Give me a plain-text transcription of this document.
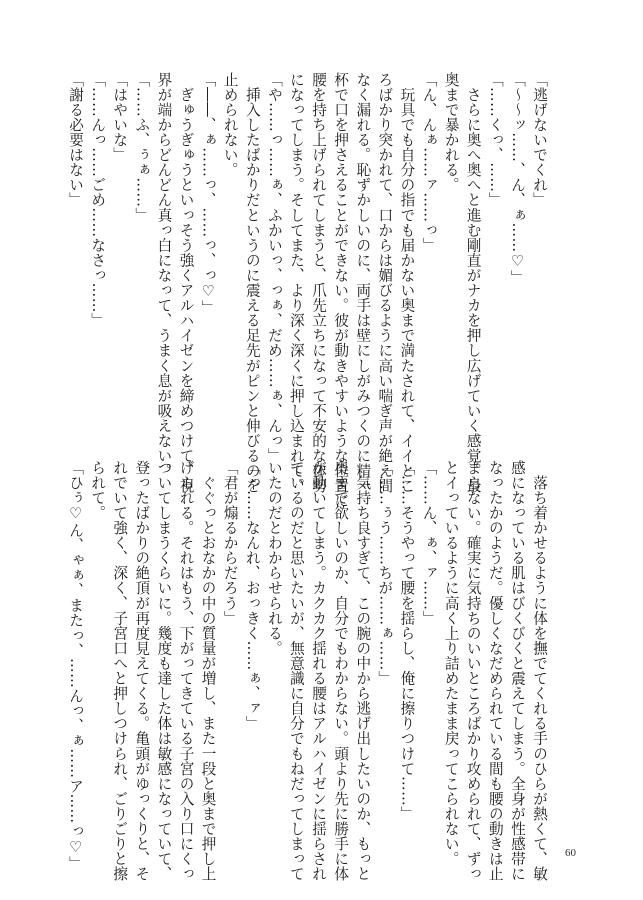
「逃げないでくれ」
「～～ッ……、ん、ぁ……♡」
「……くっ、……」
　さらに奥へ奥へと進む剛直がナカを押し広げていく感覚。最
奥まで暴かれる。
「ん、んぁ……ァ……っ」
　玩具でも自分の指でも届かない奥まで満たされて、イイとこ
ろばかり突かれて、口からは媚びるように高い喘ぎ声が絶え間
なく漏れる。恥ずかしいのに、両手は壁にしがみつくのに精一
杯で口を押さえることができない。彼が動きやすいような位置に
腰を持ち上げられてしまうと、爪先立ちになって不安的な体勢
になってしまう。そしてまた、より深く深くに押し込まれて。
「や……っ……ぁ、ふかいっ、っぁ、だめ……ぁ、んっ」
　挿入したばかりだというのに震える足先がピンと伸びるのを
止められない。
「――、ぁ……っ、……っ、っ♡」
　ぎゅうぎゅうといっそう強くアルハイゼンを締めつけて、視
界が端からどんどん真っ白になって、うまく息が吸えない。
「……ふ、ぅぁ……」
「はやいな」
「……んっ……ごめ……なさっ……」
「謝る必要はない」
　落ち着かせるように体を撫でてくれる手のひらが熱くて、敏
感になっている肌はびくびくと震えてしまう。全身が性感帯に
なったかのようだ。優しくなだめられている間も腰の動きは止
まらない。確実に気持ちのいいところばかり攻められて、ずっ
とイっているように高く上り詰めたまま戻ってこられない。
「……ん、ぁ、ァ……」
「……そうやって腰を揺らし、俺に擦りつけて……」
「……ぅう……ちが……ぁ……」
　気持ち良すぎて、この腕の中から逃げ出したいのか、もっと
奥まで欲しいのか、自分でもわからない。頭より先に勝手に体
が動いてしまう。カクカク揺れる腰はアルハイゼンに揺らされ
ているのだと思いたいが、無意識に自分でもねだってしまって
いたのだとわからせられる。
「っ……なんれ、おっきく……ぁ、ァ」
「君が煽るからだろう」
　ぐぐっとおなかの中の質量が増し、また一段と奥まで押し上
げられる。それはもう、下がってきている子宮の入り口にくっ
ついてしまうくらいに。幾度も達した体は敏感になっていて、
登ったばかりの絶頂が再度見えてくる。亀頭がゆっくりと、そ
れでいて強く、深く、子宮口へと押しつけられ、ごりごりと擦
られて。
「ひぅ♡ん、ゃぁ、またっ、……んっ、ぁ……ア……っ♡」	60
